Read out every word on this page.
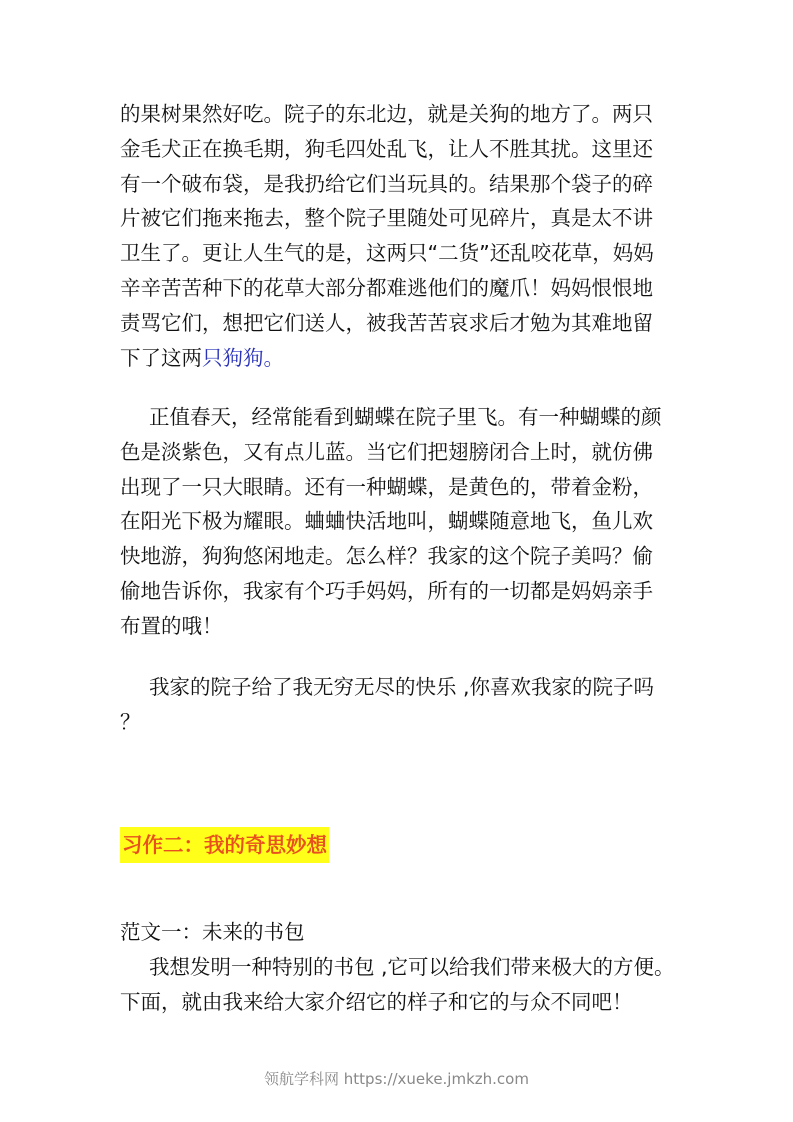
的果树果然好吃。院子的东北边，就是关狗的地方了。两只
金毛犬正在换毛期，狗毛四处乱飞，让人不胜其扰。这里还
有一个破布袋，是我扔给它们当玩具的。结果那个袋子的碎
片被它们拖来拖去，整个院子里随处可见碎片，真是太不讲
卫生了。更让人生气的是，这两只“二货”还乱咬花草，妈妈
辛辛苦苦种下的花草大部分都难逃他们的魔爪！妈妈恨恨地
责骂它们，想把它们送人，被我苦苦哀求后才勉为其难地留
下了这两只狗狗。
正值春天，经常能看到蝴蝶在院子里飞。有一种蝴蝶的颜
色是淡紫色，又有点儿蓝。当它们把翅膀闭合上时，就仿佛
出现了一只大眼睛。还有一种蝴蝶，是黄色的，带着金粉，
在阳光下极为耀眼。蛐蛐快活地叫，蝴蝶随意地飞，鱼儿欢
快地游，狗狗悠闲地走。怎么样？我家的这个院子美吗？偷
偷地告诉你，我家有个巧手妈妈，所有的一切都是妈妈亲手
布置的哦！
我家的院子给了我无穷无尽的快乐 ,你喜欢我家的院子吗
？
习作二：我的奇思妙想
范文一：未来的书包
我想发明一种特别的书包 ,它可以给我们带来极大的方便。
下面，就由我来给大家介绍它的样子和它的与众不同吧！
领航学科网 https://xueke.jmkzh.com
